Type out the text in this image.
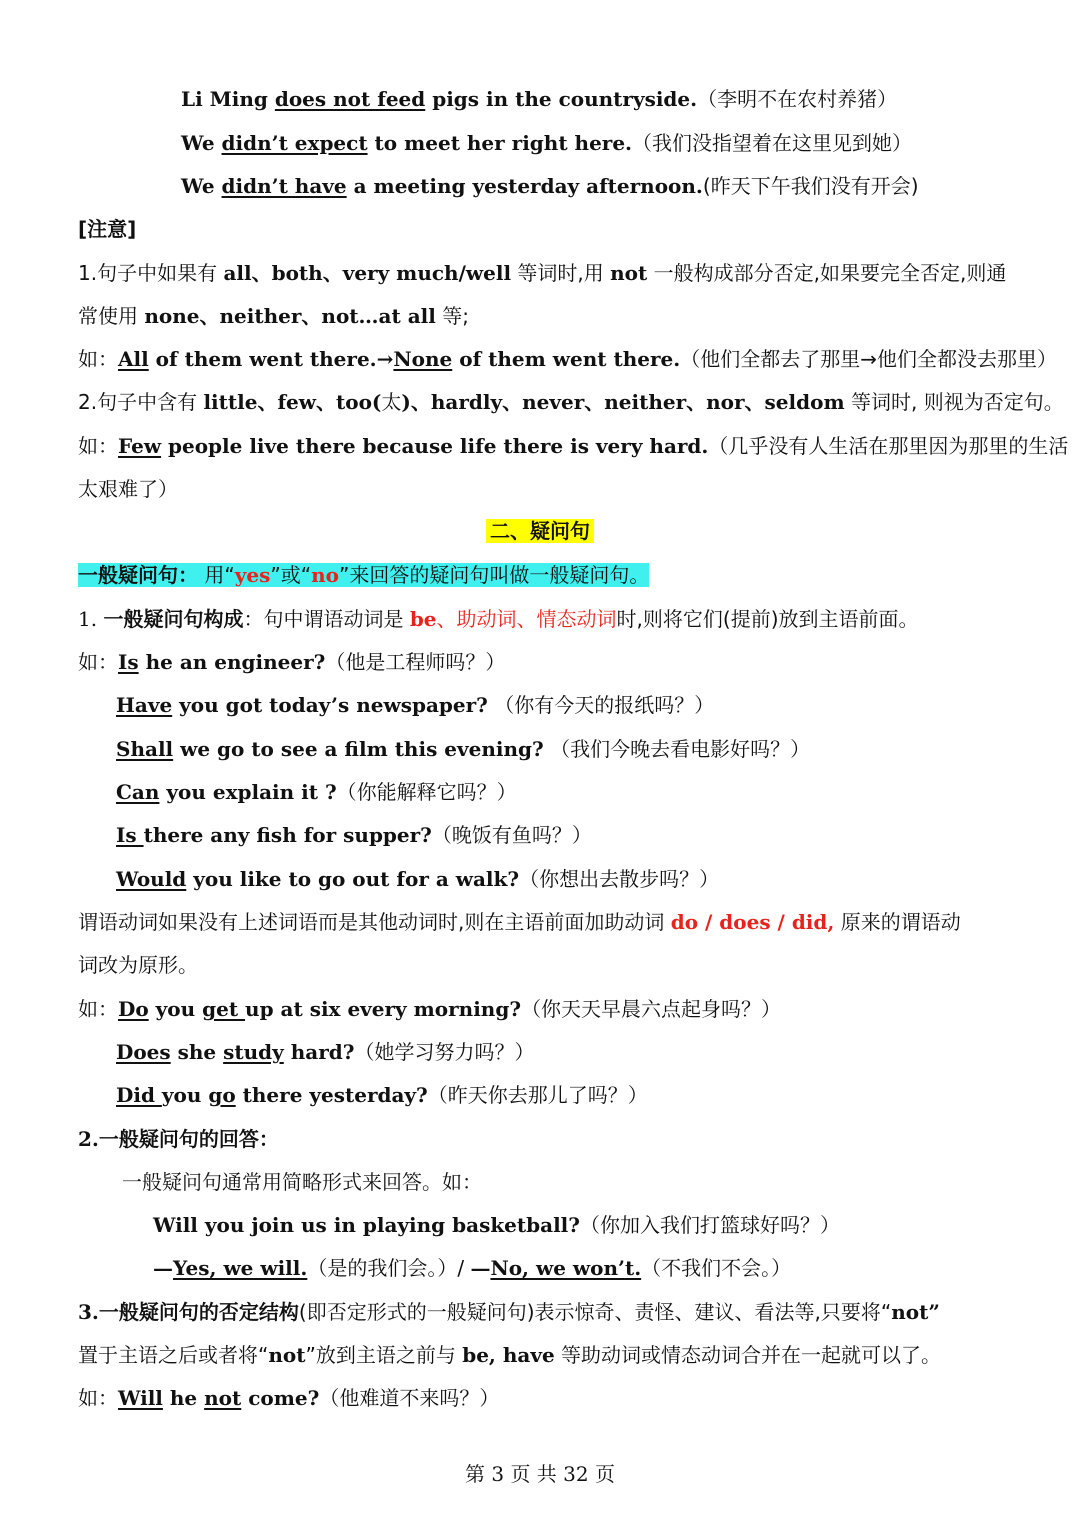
Li Ming does not feed pigs in the countryside.（李明不在农村养猪）
We didn’t expect to meet her right here.（我们没指望着在这里见到她）
We didn’t have a meeting yesterday afternoon.(昨天下午我们没有开会)
[注意]
1.句子中如果有 all、both、very much/well 等词时,用 not 一般构成部分否定,如果要完全否定,则通
常使用 none、neither、not…at all 等;
如：All of them went there.→None of them went there.（他们全都去了那里→他们全都没去那里）
2.句子中含有 little、few、too(太)、hardly、never、neither、nor、seldom 等词时, 则视为否定句。
如：Few people live there because life there is very hard.（几乎没有人生活在那里因为那里的生活
太艰难了）
二、疑问句
一般疑问句： 用“yes”或“no”来回答的疑问句叫做一般疑问句。
1. 一般疑问句构成：句中谓语动词是 be、助动词、情态动词时,则将它们(提前)放到主语前面。
如：Is he an engineer?（他是工程师吗？）
Have you got today’s newspaper? （你有今天的报纸吗？）
Shall we go to see a film this evening? （我们今晚去看电影好吗？）
Can you explain it ?（你能解释它吗？）
Is there any fish for supper?（晚饭有鱼吗？）
Would you like to go out for a walk?（你想出去散步吗？）
谓语动词如果没有上述词语而是其他动词时,则在主语前面加助动词 do / does / did, 原来的谓语动
词改为原形。
如：Do you get up at six every morning?（你天天早晨六点起身吗？）
Does she study hard?（她学习努力吗？）
Did you go there yesterday?（昨天你去那儿了吗？）
2.一般疑问句的回答：
一般疑问句通常用简略形式来回答。如：
Will you join us in playing basketball?（你加入我们打篮球好吗？）
—Yes, we will.（是的我们会。）/ —No, we won’t.（不我们不会。）
3.一般疑问句的否定结构(即否定形式的一般疑问句)表示惊奇、责怪、建议、看法等,只要将“not”
置于主语之后或者将“not”放到主语之前与 be, have 等助动词或情态动词合并在一起就可以了。
如：Will he not come?（他难道不来吗？）
第 3 页 共 32 页
